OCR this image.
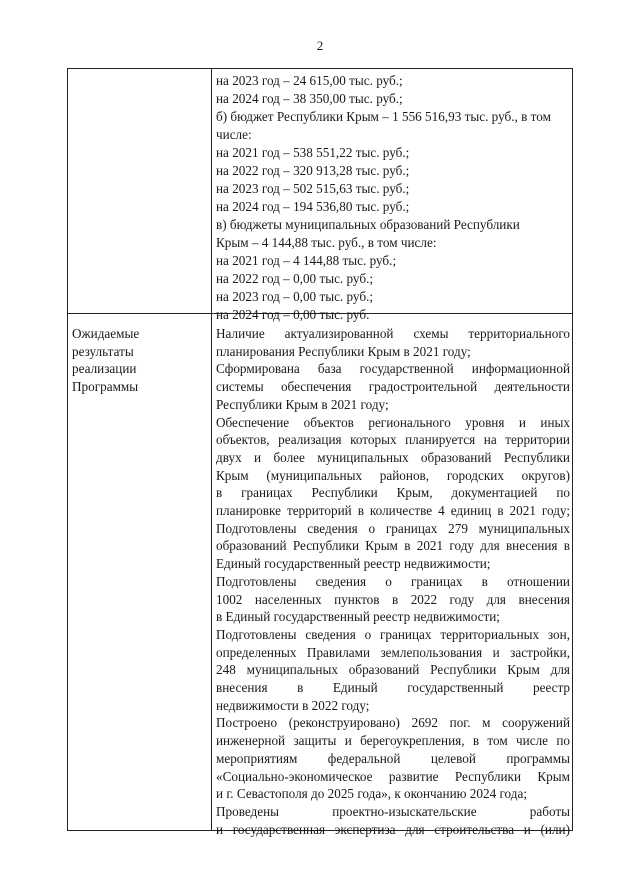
2
на 2023 год – 24 615,00 тыс. руб.;
на 2024 год – 38 350,00 тыс. руб.;
б) бюджет Республики Крым – 1 556 516,93 тыс. руб., в том
числе:
на 2021 год – 538 551,22 тыс. руб.;
на 2022 год – 320 913,28 тыс. руб.;
на 2023 год – 502 515,63 тыс. руб.;
на 2024 год – 194 536,80 тыс. руб.;
в) бюджеты муниципальных образований Республики
Крым – 4 144,88 тыс. руб., в том числе:
на 2021 год – 4 144,88 тыс. руб.;
на 2022 год – 0,00 тыс. руб.;
на 2023 год – 0,00 тыс. руб.;
на 2024 год – 0,00 тыс. руб.
Ожидаемые
результаты
реализации
Программы
Наличие актуализированной схемы территориального
планирования Республики Крым в 2021 году;
Сформирована база государственной информационной
системы обеспечения градостроительной деятельности
Республики Крым в 2021 году;
Обеспечение объектов регионального уровня и иных
объектов, реализация которых планируется на территории
двух и более муниципальных образований Республики
Крым (муниципальных районов, городских округов)
в границах Республики Крым, документацией по
планировке территорий в количестве 4 единиц в 2021 году;
Подготовлены сведения о границах 279 муниципальных
образований Республики Крым в 2021 году для внесения в
Единый государственный реестр недвижимости;
Подготовлены сведения о границах в отношении
1002 населенных пунктов в 2022 году для внесения
в Единый государственный реестр недвижимости;
Подготовлены сведения о границах территориальных зон,
определенных Правилами землепользования и застройки,
248 муниципальных образований Республики Крым для
внесения в Единый государственный реестр
недвижимости в 2022 году;
Построено (реконструировано) 2692 пог. м сооружений
инженерной защиты и берегоукрепления, в том числе по
мероприятиям федеральной целевой программы
«Социально-экономическое развитие Республики Крым
и г. Севастополя до 2025 года», к окончанию 2024 года;
Проведены проектно-изыскательские работы
и государственная экспертиза для строительства и (или)
